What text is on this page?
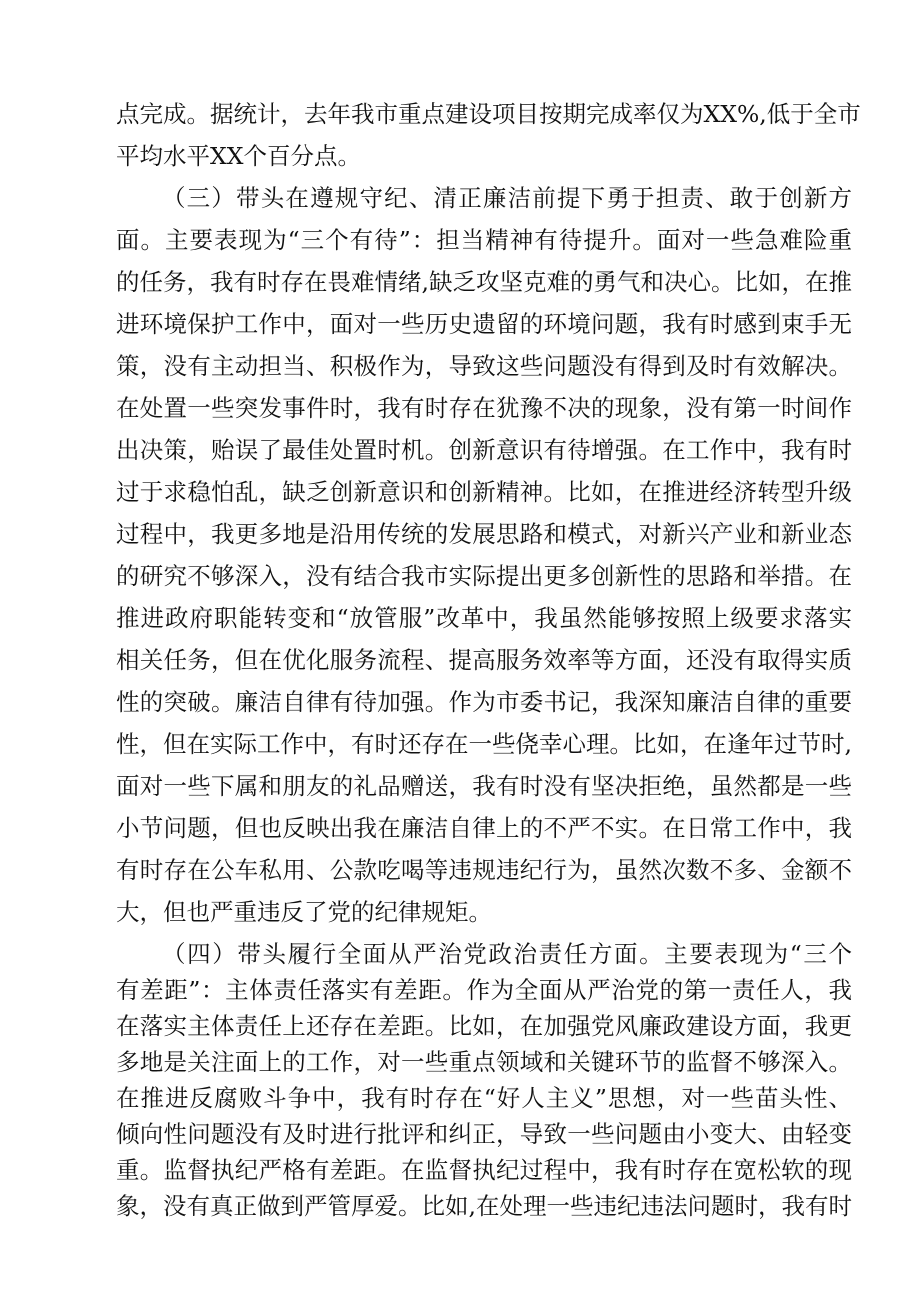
点完成。据统计，去年我市重点建设项目按期完成率仅为XX%,低于全市
平均水平XX个百分点。
（三）带头在遵规守纪、清正廉洁前提下勇于担责、敢于创新方
面。主要表现为“三个有待”：担当精神有待提升。面对一些急难险重
的任务，我有时存在畏难情绪,缺乏攻坚克难的勇气和决心。比如，在推
进环境保护工作中，面对一些历史遗留的环境问题，我有时感到束手无
策，没有主动担当、积极作为，导致这些问题没有得到及时有效解决。
在处置一些突发事件时，我有时存在犹豫不决的现象，没有第一时间作
出决策，贻误了最佳处置时机。创新意识有待增强。在工作中，我有时
过于求稳怕乱，缺乏创新意识和创新精神。比如，在推进经济转型升级
过程中，我更多地是沿用传统的发展思路和模式，对新兴产业和新业态
的研究不够深入，没有结合我市实际提出更多创新性的思路和举措。在
推进政府职能转变和“放管服”改革中，我虽然能够按照上级要求落实
相关任务，但在优化服务流程、提高服务效率等方面，还没有取得实质
性的突破。廉洁自律有待加强。作为市委书记，我深知廉洁自律的重要
性，但在实际工作中，有时还存在一些侥幸心理。比如，在逢年过节时,
面对一些下属和朋友的礼品赠送，我有时没有坚决拒绝，虽然都是一些
小节问题，但也反映出我在廉洁自律上的不严不实。在日常工作中，我
有时存在公车私用、公款吃喝等违规违纪行为，虽然次数不多、金额不
大，但也严重违反了党的纪律规矩。
（四）带头履行全面从严治党政治责任方面。主要表现为“三个
有差距”：主体责任落实有差距。作为全面从严治党的第一责任人，我
在落实主体责任上还存在差距。比如，在加强党风廉政建设方面，我更
多地是关注面上的工作，对一些重点领域和关键环节的监督不够深入。
在推进反腐败斗争中，我有时存在“好人主义”思想，对一些苗头性、
倾向性问题没有及时进行批评和纠正，导致一些问题由小变大、由轻变
重。监督执纪严格有差距。在监督执纪过程中，我有时存在宽松软的现
象，没有真正做到严管厚爱。比如,在处理一些违纪违法问题时，我有时
